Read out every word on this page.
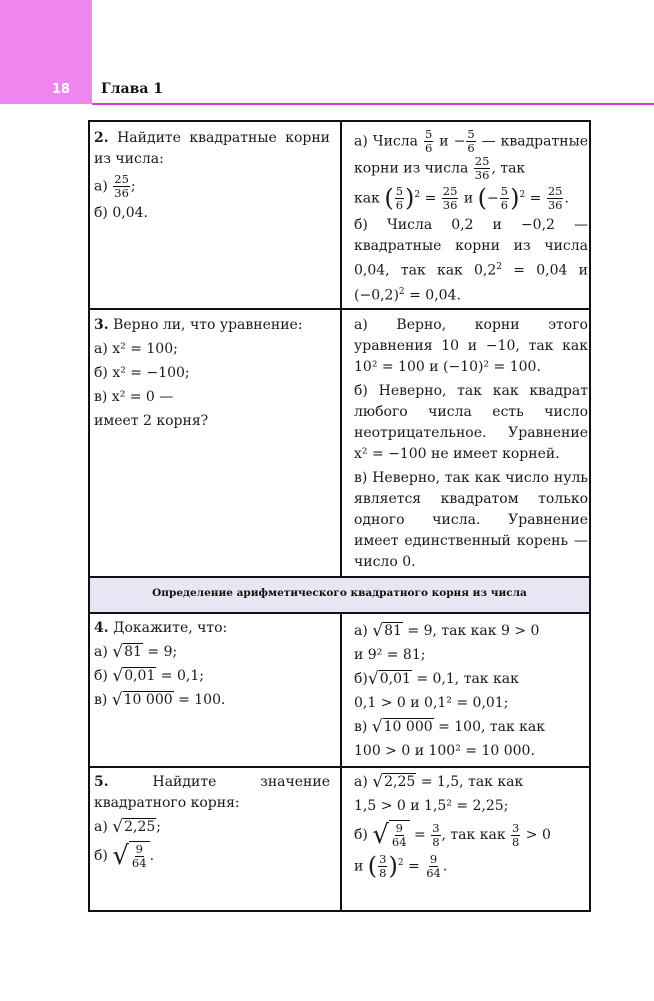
18 Глава 1
Определение арифметического квадратного корня из числа

2. Найдите квадратные корни из числа:

$а) \frac{25}{36}$ ;

б) 0,04.

а) Числа $\frac{5}{6}$ $и - \frac{5}{6}$ — квадратные корни из числа $\frac{25}{36}$ , так

как ( $\frac{5}{6} )^2 = \frac{25}{36}$ и (− $\frac{5}{6} )^2 = \frac{25}{36}$ .

б) Числа 0,2 и −0,2 — квадратные корни из числа 0,04, так как $0,2^2 = 0,04$ и $(-0,2)^2 = 0,04$.

3. Верно ли, что уравнение:

а) x² = 100;

б) x² = −100;

в) x² = 0 —

имеет 2 корня?

а) Верно, корни этого уравнения 10 и −10, так как 10² = 100 и (−10)² = 100.

б) Неверно, так как квадрат любого числа есть число неотрицательное. Уравнение x² = −100 не имеет корней.

в) Неверно, так как число нуль является квадратом только одного числа. Уравнение имеет единственный корень — число 0.

4. Докажите, что:

а) √ 81 = 9;

б) √ 0,01 = 0,1;

в) √ 10 000 = 100.

а) √ 81 = 9, так как 9 > 0

и 9² = 81;

б) √ 0,01 = 0,1, так как

0,1 > 0 и 0,1² = 0,01;

в) √ 10 000 = 100, так как

100 > 0 и 100² = 10 000.

5.	Найдите значение квадратного корня:

а) √ 2,25 ;

б) √ $\frac{9}{64}$ .

а) √ 2,25 = 1,5, так как

1,5 > 0 и 1,5² = 2,25;

б) √ $\frac{9}{64} = \frac{3}{8}$ , так как $\frac{3}{8} > 0$

и ( $\frac{3}{8} )^2 = \frac{9}{64}$ .
